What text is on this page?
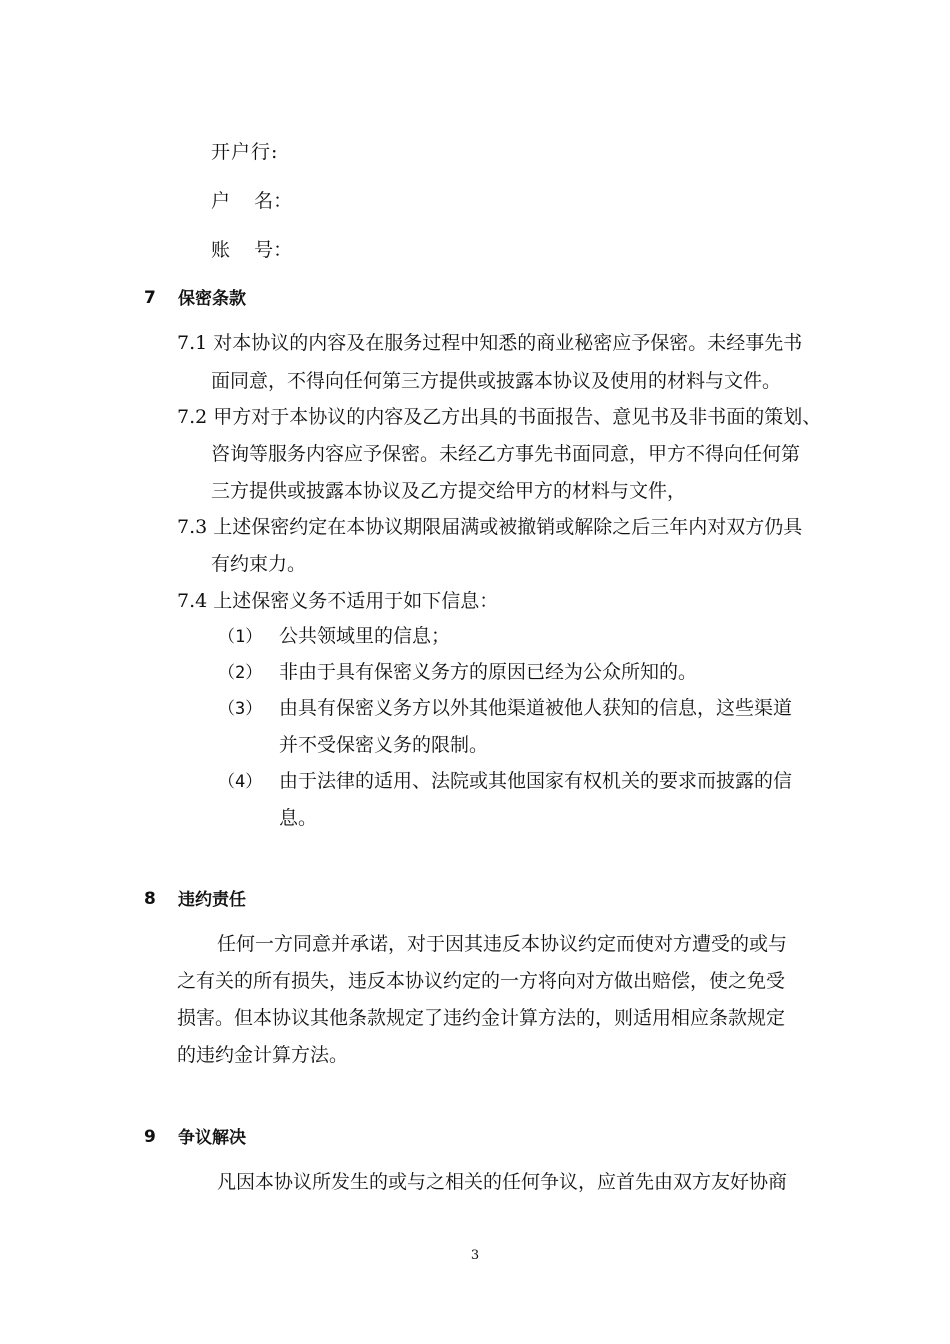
开户行:
户    名：
账    号：
7 保密条款
7.1 对本协议的内容及在服务过程中知悉的商业秘密应予保密。未经事先书
面同意，不得向任何第三方提供或披露本协议及使用的材料与文件。
7.2 甲方对于本协议的内容及乙方出具的书面报告、意见书及非书面的策划、
咨询等服务内容应予保密。未经乙方事先书面同意，甲方不得向任何第
三方提供或披露本协议及乙方提交给甲方的材料与文件，
7.3 上述保密约定在本协议期限届满或被撤销或解除之后三年内对双方仍具
有约束力。
7.4 上述保密义务不适用于如下信息：
（1） 公共领域里的信息；
（2） 非由于具有保密义务方的原因已经为公众所知的。
（3） 由具有保密义务方以外其他渠道被他人获知的信息，这些渠道
并不受保密义务的限制。
（4） 由于法律的适用、法院或其他国家有权机关的要求而披露的信
息。
8 违约责任
任何一方同意并承诺，对于因其违反本协议约定而使对方遭受的或与
之有关的所有损失，违反本协议约定的一方将向对方做出赔偿，使之免受
损害。但本协议其他条款规定了违约金计算方法的，则适用相应条款规定
的违约金计算方法。
9 争议解决
凡因本协议所发生的或与之相关的任何争议，应首先由双方友好协商
3
